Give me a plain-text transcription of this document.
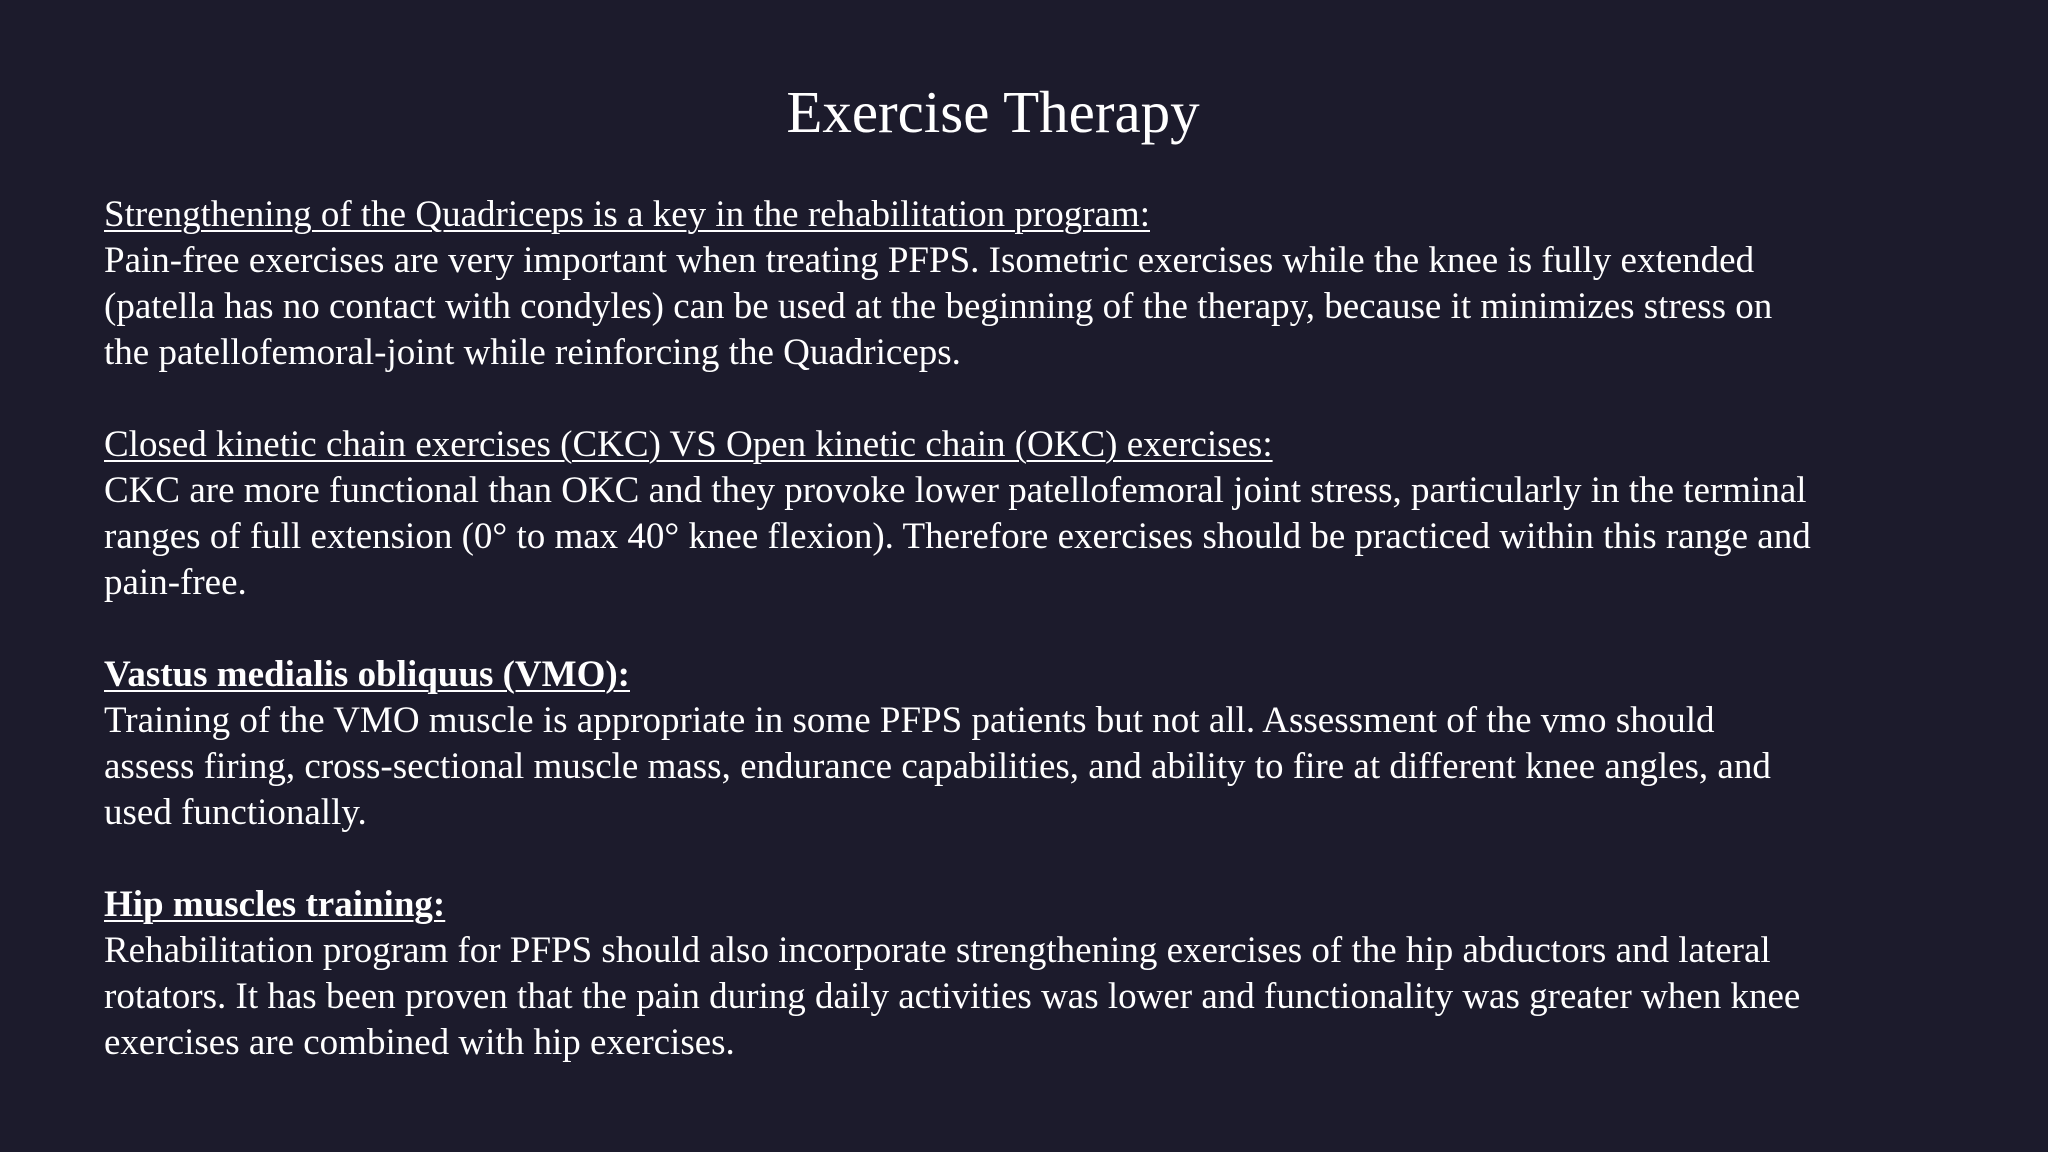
Exercise Therapy
Strengthening of the Quadriceps is a key in the rehabilitation program:

Pain-free exercises are very important when treating PFPS. Isometric exercises while the knee is fully extended
(patella has no contact with condyles) can be used at the beginning of the therapy, because it minimizes stress on
the patellofemoral-joint while reinforcing the Quadriceps.

Closed kinetic chain exercises (CKC) VS Open kinetic chain (OKC) exercises:

CKC are more functional than OKC and they provoke lower patellofemoral joint stress, particularly in the terminal
ranges of full extension (0° to max 40° knee flexion). Therefore exercises should be practiced within this range and
pain-free.

Vastus medialis obliquus (VMO):

Training of the VMO muscle is appropriate in some PFPS patients but not all. Assessment of the vmo should
assess firing, cross-sectional muscle mass, endurance capabilities, and ability to fire at different knee angles, and
used functionally.

Hip muscles training:

Rehabilitation program for PFPS should also incorporate strengthening exercises of the hip abductors and lateral
rotators. It has been proven that the pain during daily activities was lower and functionality was greater when knee
exercises are combined with hip exercises.
